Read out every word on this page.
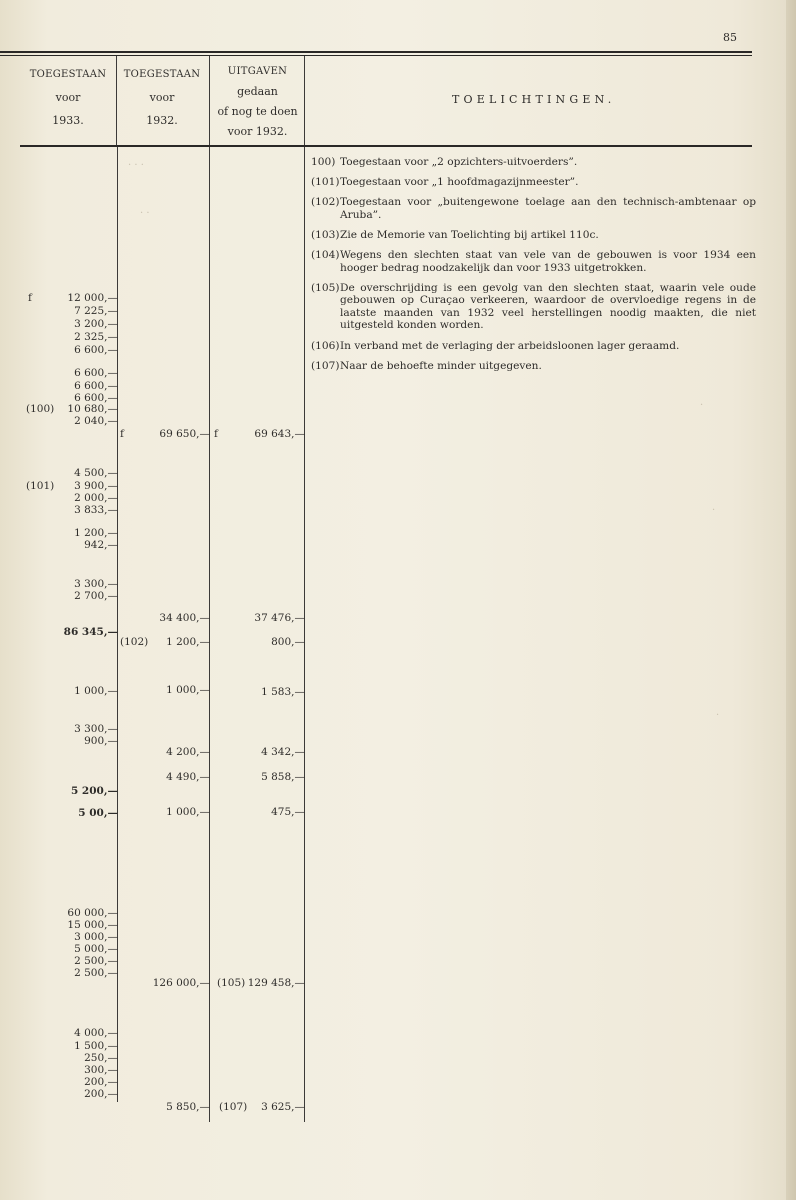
· · ·
· ·
·
·
·
85
TOEGESTAAN
voor
1933.
TOEGESTAAN
voor
1932.
UITGAVEN
gedaan
of nog te doen
voor 1932.
TOELICHTINGEN.
f
(100)
(101)
12 000,—
7 225,—
3 200,—
2 325,—
6 600,—
6 600,—
6 600,—
6 600,—
10 680,—
2 040,—
4 500,—
3 900,—
2 000,—
3 833,—
1 200,—
942,—
3 300,—
2 700,—
86 345,—
1 000,—
3 300,—
900,—
5 200,—
5 00,—
60 000,—
15 000,—
3 000,—
5 000,—
2 500,—
2 500,—
4 000,—
1 500,—
250,—
300,—
200,—
200,—
f
(102)
69 650,—
34 400,—
1 200,—
1 000,—
4 200,—
4 490,—
1 000,—
126 000,—
5 850,—
f
(105)
(107)
69 643,—
37 476,—
800,—
1 583,—
4 342,—
5 858,—
475,—
129 458,—
3 625,—
100) Toegestaan voor „2 opzichters-uitvoerders”.
(101) Toegestaan voor „1 hoofdmagazijnmeester”.
(102) Toegestaan voor „buitengewone toelage aan den technisch-ambtenaar op Aruba”.
(103) Zie de Memorie van Toelichting bij artikel 110c.
(104) Wegens den slechten staat van vele van de gebouwen is voor 1934 een hooger bedrag noodzakelijk dan voor 1933 uitgetrokken.
(105) De overschrijding is een gevolg van den slechten staat, waarin vele oude gebouwen op Curaçao verkeeren, waardoor de overvloedige regens in de laatste maanden van 1932 veel herstellingen noodig maakten, die niet uitgesteld konden worden.
(106) In verband met de verlaging der arbeidsloonen lager geraamd.
(107) Naar de behoefte minder uitgegeven.
